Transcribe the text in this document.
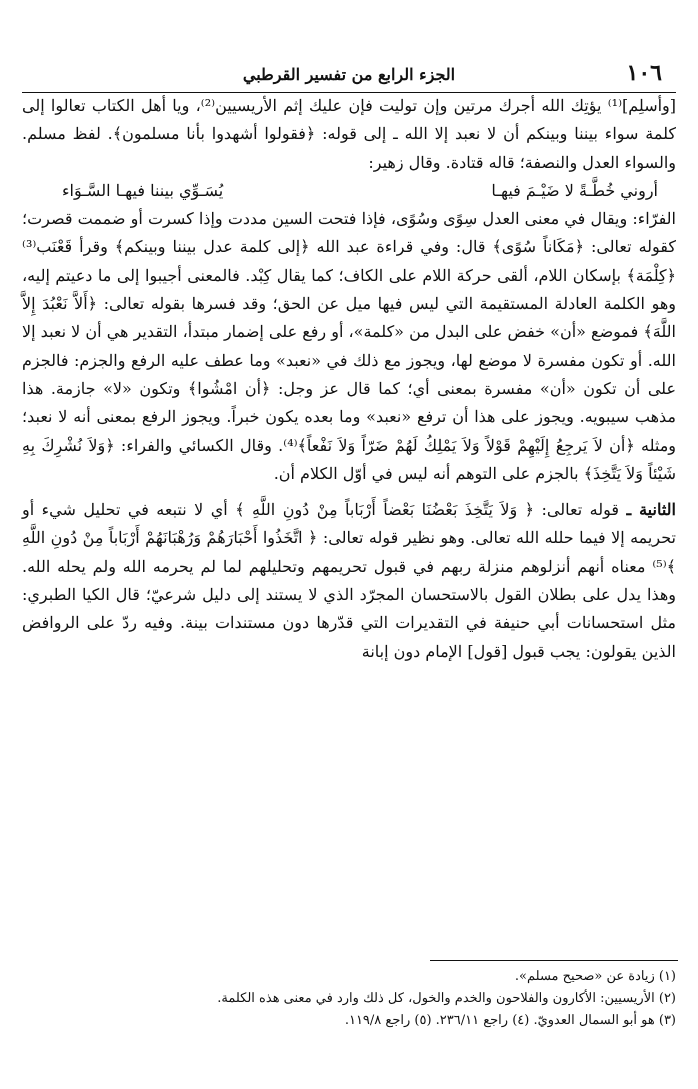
١٠٦
الجزء الرابع من تفسير القرطبي

[وأسلِم]⁽¹⁾ يؤتِك الله أجرك مرتين وإن توليت فإن عليك إثم الأريسيين⁽²⁾، ويا أهل الكتاب تعالوا إلى كلمة سواء بيننا وبينكم أن لا نعبد إلا الله ـ إلى قوله: ﴿فقولوا أشهدوا بأنا مسلمون﴾. لفظ مسلم. والسواء العدل والنصفة؛ قاله قتادة. وقال زهير:

أروني خُطَّـةً لا ضَيْـمَ فيهـا
يُسَـوِّي بيننا فيهـا السَّـوَاء

الفرّاء: ويقال في معنى العدل سِوًى وسُوًى، فإذا فتحت السين مددت وإذا كسرت أو ضممت قصرت؛ كقوله تعالى: ﴿مَكَاناً سُوًى﴾ قال: وفي قراءة عبد الله ﴿إلى كلمة عدل بيننا وبينكم﴾ وقرأ قَعْنَب⁽³⁾ ﴿كِلْمَة﴾ بإسكان اللام، ألقى حركة اللام على الكاف؛ كما يقال كِبْد. فالمعنى أجيبوا إلى ما دعيتم إليه، وهو الكلمة العادلة المستقيمة التي ليس فيها ميل عن الحق؛ وقد فسرها بقوله تعالى: ﴿أَلاَّ نَعْبُدَ إِلاَّ اللَّهَ﴾ فموضع «أن» خفض على البدل من «كلمة»، أو رفع على إضمار مبتدأ، التقدير هي أن لا نعبد إلا الله. أو تكون مفسرة لا موضع لها، ويجوز مع ذلك في «نعبد» وما عطف عليه الرفع والجزم: فالجزم على أن تكون «أن» مفسرة بمعنى أي؛ كما قال عز وجل: ﴿أن امْشُوا﴾ وتكون «لا» جازمة. هذا مذهب سيبويه. ويجوز على هذا أن ترفع «نعبد» وما بعده يكون خبراً. ويجوز الرفع بمعنى أنه لا نعبد؛ ومثله ﴿أن لاَ يَرجِعُ إِلَيْهِمْ قَوْلاً وَلاَ يَمْلِكُ لَهُمْ ضَرّاً وَلاَ نَفْعاً﴾⁽⁴⁾. وقال الكسائي والفراء: ﴿وَلاَ نُشْرِكَ بِهِ شَيْئاً وَلاَ يَتَّخِذَ﴾ بالجزم على التوهم أنه ليس في أوّل الكلام أن.

الثانية ـ قوله تعالى: ﴿ وَلاَ يَتَّخِذَ بَعْضُنَا بَعْضاً أَرْبَاباً مِنْ دُونِ اللَّهِ ﴾ أي لا نتبعه في تحليل شيء أو تحريمه إلا فيما حلله الله تعالى. وهو نظير قوله تعالى: ﴿ اتَّخَذُوا أَحْبَارَهُمْ وَرُهْبَانَهُمْ أَرْبَاباً مِنْ دُونِ اللَّهِ ﴾⁽⁵⁾ معناه أنهم أنزلوهم منزلة ربهم في قبول تحريمهم وتحليلهم لما لم يحرمه الله ولم يحله الله. وهذا يدل على بطلان القول بالاستحسان المجرّد الذي لا يستند إلى دليل شرعيّ؛ قال الكيا الطبري: مثل استحسانات أبي حنيفة في التقديرات التي قدّرها دون مستندات بينة. وفيه ردّ على الروافض الذين يقولون: يجب قبول [قول] الإمام دون إبانة

(١) زيادة عن «صحيح مسلم».
(٢) الأريسيين: الأكارون والفلاحون والخدم والخول، كل ذلك وارد في معنى هذه الكلمة.
(٣) هو أبو السمال العدويّ. (٤) راجع ٢٣٦/١١. (٥) راجع ١١٩/٨.
